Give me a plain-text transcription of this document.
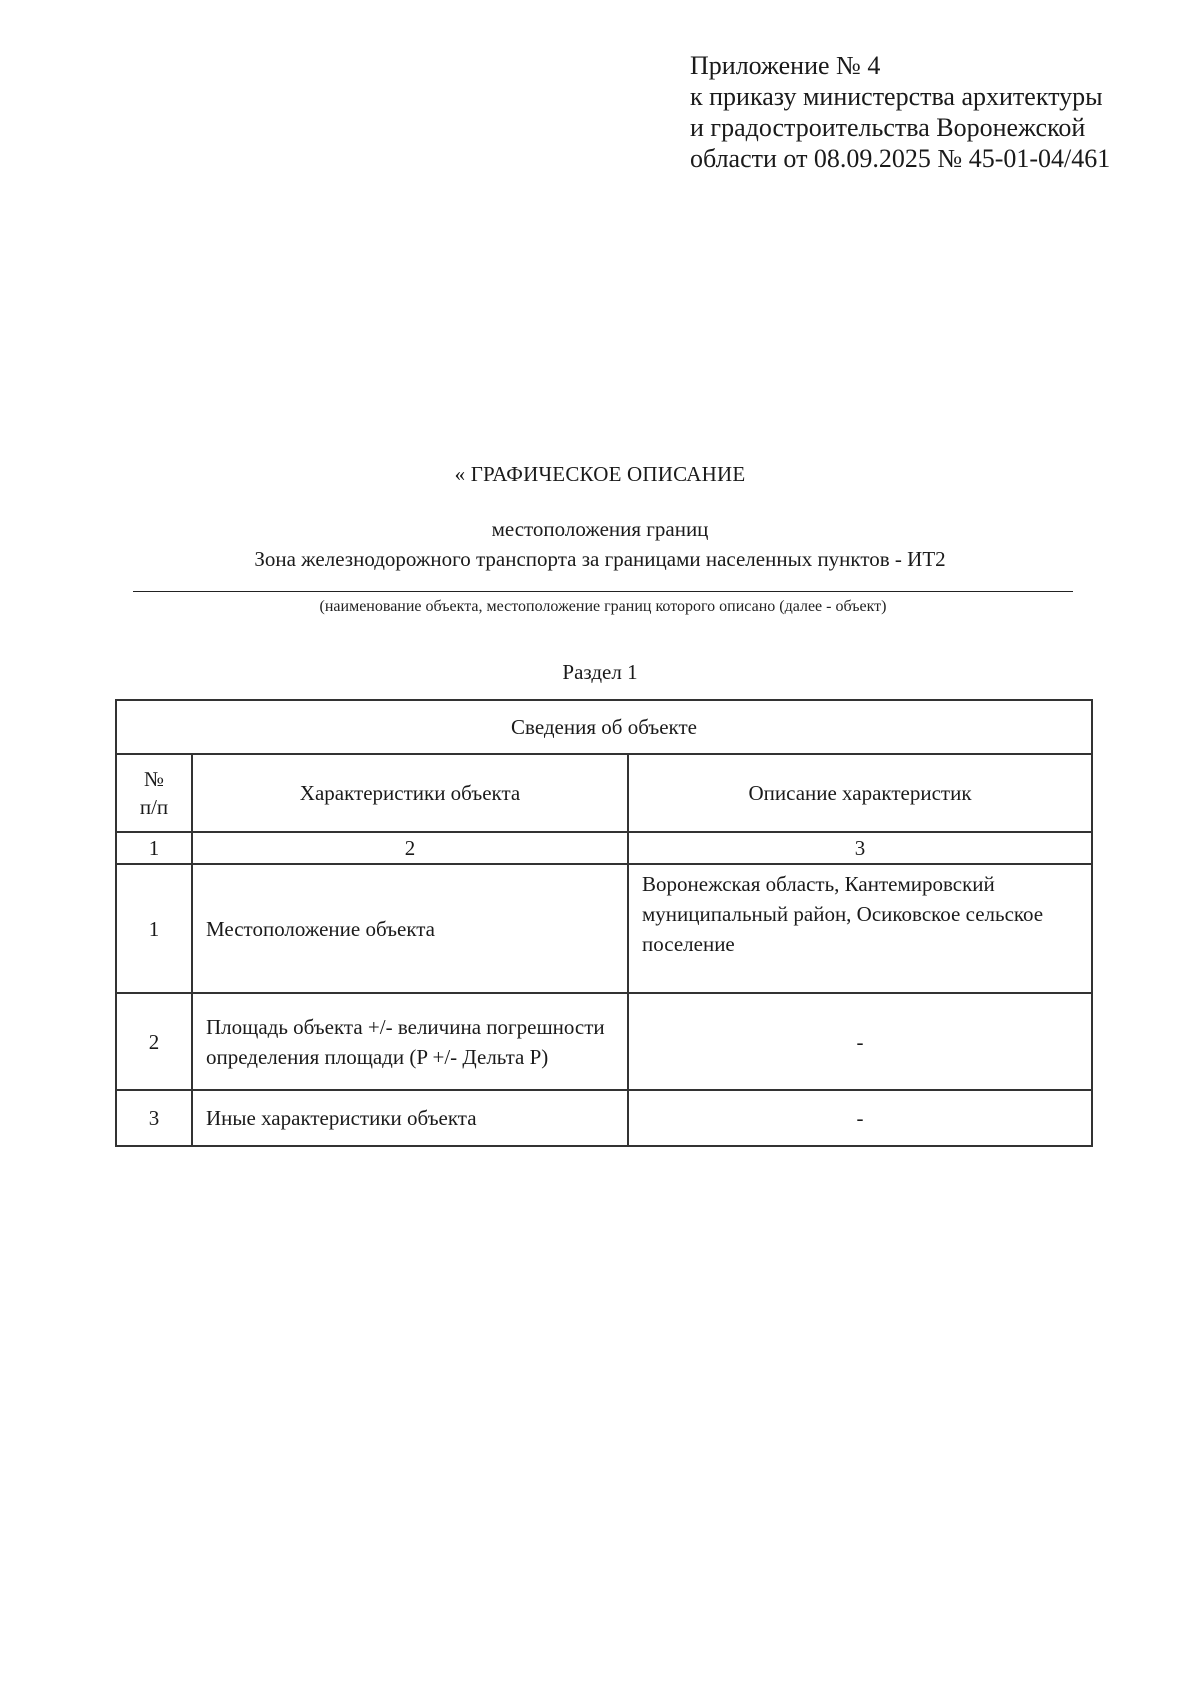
Приложение № 4
к приказу министерства архитектуры
и градостроительства Воронежской
области от 08.09.2025 № 45-01-04/461
« ГРАФИЧЕСКОЕ ОПИСАНИЕ
местоположения границ
Зона железнодорожного транспорта за границами населенных пунктов - ИТ2
(наименование объекта, местоположение границ которого описано (далее - объект)
Раздел 1
Сведения об объекте		

№
п/п	Характеристики объекта	Описание характеристик
1	2	3
1	Местоположение объекта	Воронежская область, Кантемировский муниципальный район, Осиковское сельское поселение
2	Площадь объекта +/- величина погрешности определения площади (P +/- Дельта P)	-
3	Иные характеристики объекта	-
